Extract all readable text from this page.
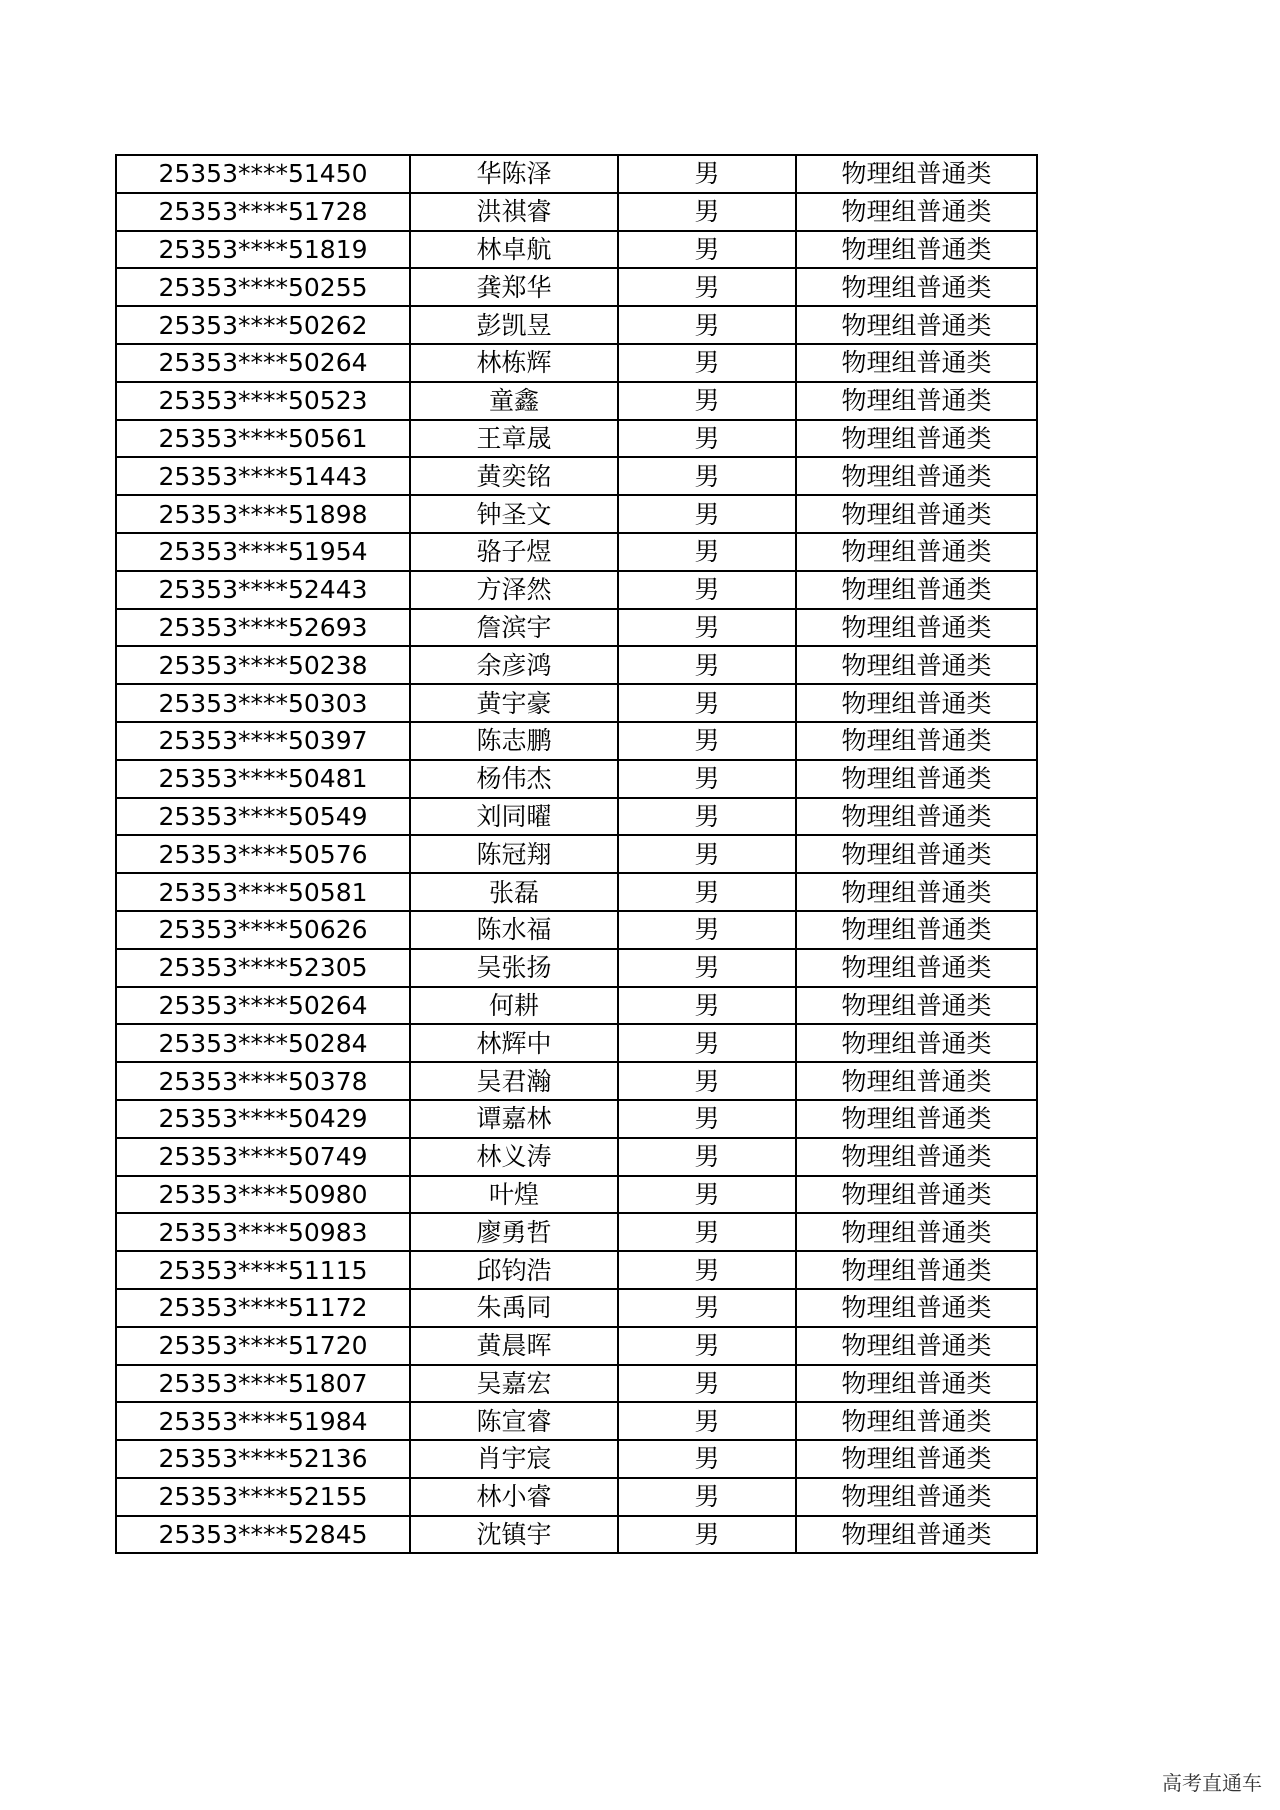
25353****51450	华陈泽	男	物理组普通类
25353****51728	洪祺睿	男	物理组普通类
25353****51819	林卓航	男	物理组普通类
25353****50255	龚郑华	男	物理组普通类
25353****50262	彭凯昱	男	物理组普通类
25353****50264	林栋辉	男	物理组普通类
25353****50523	童鑫	男	物理组普通类
25353****50561	王章晟	男	物理组普通类
25353****51443	黄奕铭	男	物理组普通类
25353****51898	钟圣文	男	物理组普通类
25353****51954	骆子煜	男	物理组普通类
25353****52443	方泽然	男	物理组普通类
25353****52693	詹滨宇	男	物理组普通类
25353****50238	余彦鸿	男	物理组普通类
25353****50303	黄宇豪	男	物理组普通类
25353****50397	陈志鹏	男	物理组普通类
25353****50481	杨伟杰	男	物理组普通类
25353****50549	刘同曜	男	物理组普通类
25353****50576	陈冠翔	男	物理组普通类
25353****50581	张磊	男	物理组普通类
25353****50626	陈水福	男	物理组普通类
25353****52305	吴张扬	男	物理组普通类
25353****50264	何耕	男	物理组普通类
25353****50284	林辉中	男	物理组普通类
25353****50378	吴君瀚	男	物理组普通类
25353****50429	谭嘉林	男	物理组普通类
25353****50749	林义涛	男	物理组普通类
25353****50980	叶煌	男	物理组普通类
25353****50983	廖勇哲	男	物理组普通类
25353****51115	邱钧浩	男	物理组普通类
25353****51172	朱禹同	男	物理组普通类
25353****51720	黄晨晖	男	物理组普通类
25353****51807	吴嘉宏	男	物理组普通类
25353****51984	陈宣睿	男	物理组普通类
25353****52136	肖宇宸	男	物理组普通类
25353****52155	林小睿	男	物理组普通类
25353****52845	沈镇宇	男	物理组普通类
高考直通车
